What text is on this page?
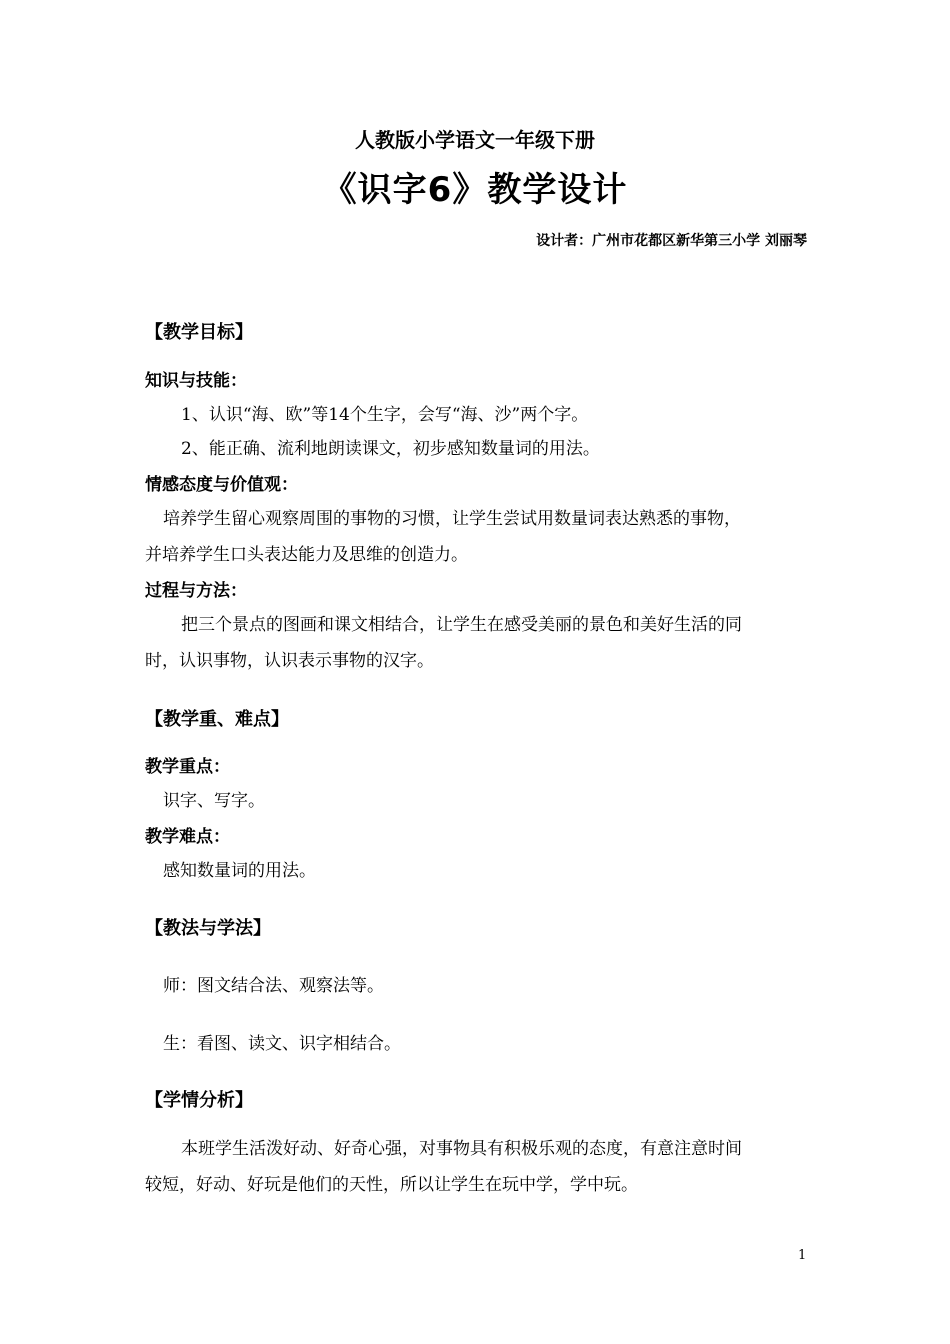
人教版小学语文一年级下册
《识字6》教学设计
设计者：广州市花都区新华第三小学 刘丽琴
【教学目标】
知识与技能：
1、认识“海、欧”等14个生字，会写“海、沙”两个字。
2、能正确、流利地朗读课文，初步感知数量词的用法。
情感态度与价值观：
培养学生留心观察周围的事物的习惯，让学生尝试用数量词表达熟悉的事物，
并培养学生口头表达能力及思维的创造力。
过程与方法：
把三个景点的图画和课文相结合，让学生在感受美丽的景色和美好生活的同
时，认识事物，认识表示事物的汉字。
【教学重、难点】
教学重点：
识字、写字。
教学难点：
感知数量词的用法。
【教法与学法】
师：图文结合法、观察法等。
生：看图、读文、识字相结合。
【学情分析】
本班学生活泼好动、好奇心强，对事物具有积极乐观的态度，有意注意时间
较短，好动、好玩是他们的天性，所以让学生在玩中学，学中玩。
1
